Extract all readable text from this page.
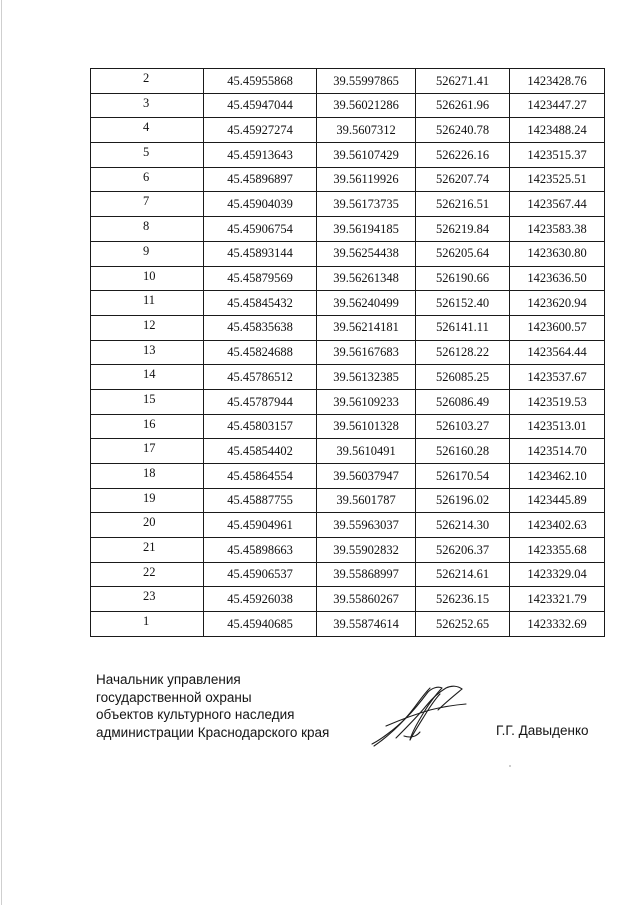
2	45.45955868	39.55997865	526271.41	1423428.76
3	45.45947044	39.56021286	526261.96	1423447.27
4	45.45927274	39.5607312	526240.78	1423488.24
5	45.45913643	39.56107429	526226.16	1423515.37
6	45.45896897	39.56119926	526207.74	1423525.51
7	45.45904039	39.56173735	526216.51	1423567.44
8	45.45906754	39.56194185	526219.84	1423583.38
9	45.45893144	39.56254438	526205.64	1423630.80
10	45.45879569	39.56261348	526190.66	1423636.50
11	45.45845432	39.56240499	526152.40	1423620.94
12	45.45835638	39.56214181	526141.11	1423600.57
13	45.45824688	39.56167683	526128.22	1423564.44
14	45.45786512	39.56132385	526085.25	1423537.67
15	45.45787944	39.56109233	526086.49	1423519.53
16	45.45803157	39.56101328	526103.27	1423513.01
17	45.45854402	39.5610491	526160.28	1423514.70
18	45.45864554	39.56037947	526170.54	1423462.10
19	45.45887755	39.5601787	526196.02	1423445.89
20	45.45904961	39.55963037	526214.30	1423402.63
21	45.45898663	39.55902832	526206.37	1423355.68
22	45.45906537	39.55868997	526214.61	1423329.04
23	45.45926038	39.55860267	526236.15	1423321.79
1	45.45940685	39.55874614	526252.65	1423332.69
Начальник управления
государственной охраны
объектов культурного наследия
администрации Краснодарского края	Г.Г. Давыденко
